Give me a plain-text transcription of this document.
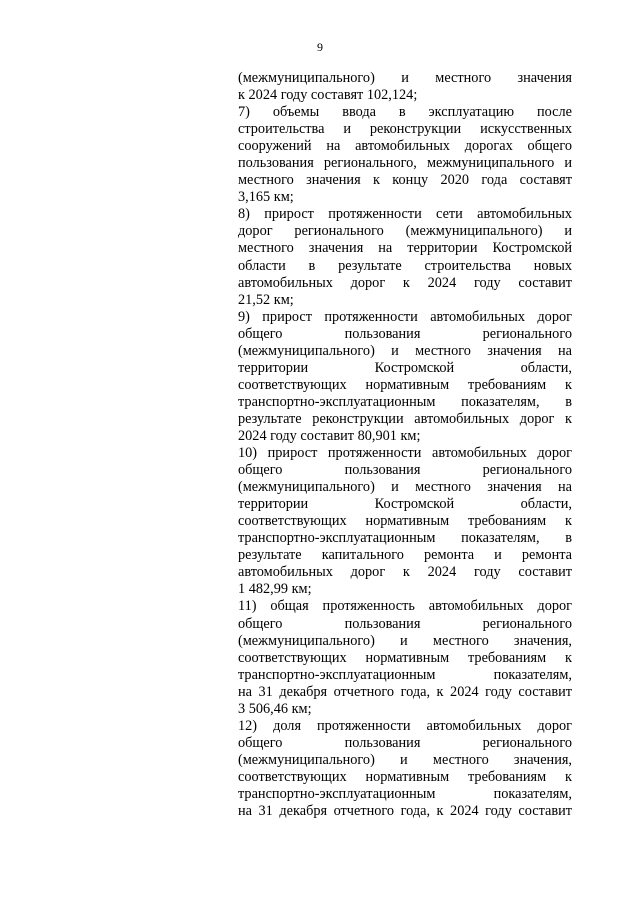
9
(межмуниципального) и местного значения
к 2024 году составят 102,124;
7) объемы ввода в эксплуатацию после
строительства и реконструкции искусственных
сооружений на автомобильных дорогах общего
пользования регионального, межмуниципального и
местного значения к концу 2020 года составят
3,165 км;
8) прирост протяженности сети автомобильных
дорог регионального (межмуниципального) и
местного значения на территории Костромской
области в результате строительства новых
автомобильных дорог к 2024 году составит
21,52 км;
9) прирост протяженности автомобильных дорог
общего пользования регионального
(межмуниципального) и местного значения на
территории Костромской области,
соответствующих нормативным требованиям к
транспортно-эксплуатационным показателям, в
результате реконструкции автомобильных дорог к
2024 году составит 80,901 км;
10) прирост протяженности автомобильных дорог
общего пользования регионального
(межмуниципального) и местного значения на
территории Костромской области,
соответствующих нормативным требованиям к
транспортно-эксплуатационным показателям, в
результате капитального ремонта и ремонта
автомобильных дорог к 2024 году составит
1 482,99 км;
11) общая протяженность автомобильных дорог
общего пользования регионального
(межмуниципального) и местного значения,
соответствующих нормативным требованиям к
транспортно-эксплуатационным показателям,
на 31 декабря отчетного года, к 2024 году составит
3 506,46 км;
12) доля протяженности автомобильных дорог
общего пользования регионального
(межмуниципального) и местного значения,
соответствующих нормативным требованиям к
транспортно-эксплуатационным показателям,
на 31 декабря отчетного года, к 2024 году составит
